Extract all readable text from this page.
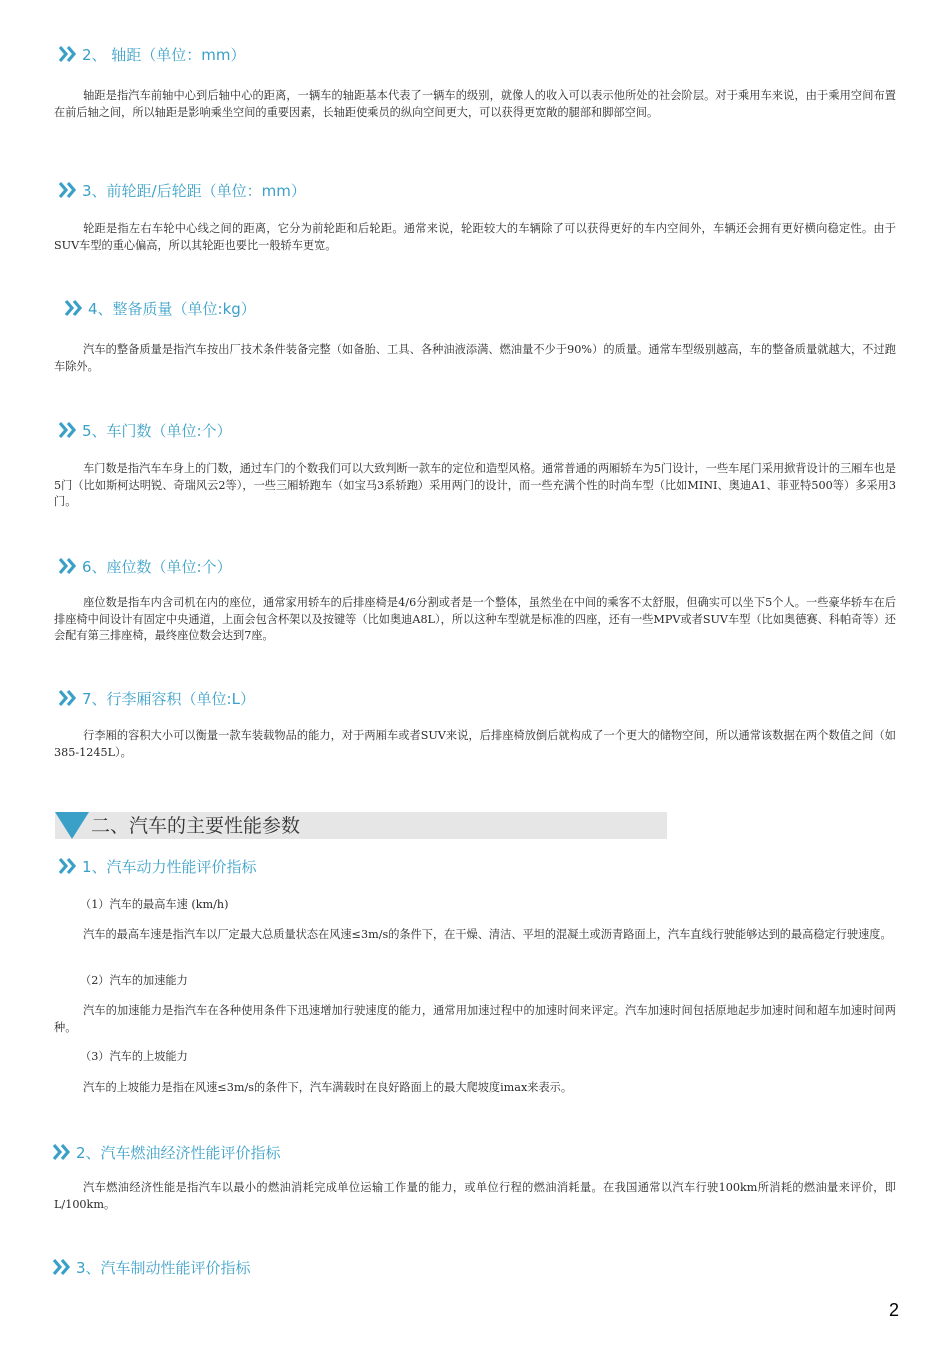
2、 轴距（单位：mm）
轴距是指汽车前轴中心到后轴中心的距离，一辆车的轴距基本代表了一辆车的级别，就像人的收入可以表示他所处的社会阶层。对于乘用车来说，由于乘用空间布置在前后轴之间，所以轴距是影响乘坐空间的重要因素，长轴距使乘员的纵向空间更大，可以获得更宽敞的腿部和脚部空间。
3、前轮距/后轮距（单位：mm）
轮距是指左右车轮中心线之间的距离，它分为前轮距和后轮距。通常来说，轮距较大的车辆除了可以获得更好的车内空间外，车辆还会拥有更好横向稳定性。由于SUV车型的重心偏高，所以其轮距也要比一般轿车更宽。
4、整备质量（单位:kg）
汽车的整备质量是指汽车按出厂技术条件装备完整（如备胎、工具、各种油液添满、燃油量不少于90%）的质量。通常车型级别越高，车的整备质量就越大，不过跑车除外。
5、车门数（单位:个）
车门数是指汽车车身上的门数，通过车门的个数我们可以大致判断一款车的定位和造型风格。通常普通的两厢轿车为5门设计，一些车尾门采用掀背设计的三厢车也是5门（比如斯柯达明锐、奇瑞风云2等），一些三厢轿跑车（如宝马3系轿跑）采用两门的设计，而一些充满个性的时尚车型（比如MINI、奥迪A1、菲亚特500等）多采用3门。
6、座位数（单位:个）
座位数是指车内含司机在内的座位，通常家用轿车的后排座椅是4/6分割或者是一个整体，虽然坐在中间的乘客不太舒服，但确实可以坐下5个人。一些豪华轿车在后排座椅中间设计有固定中央通道，上面会包含杯架以及按键等（比如奥迪A8L），所以这种车型就是标准的四座，还有一些MPV或者SUV车型（比如奥德赛、科帕奇等）还会配有第三排座椅，最终座位数会达到7座。
7、行李厢容积（单位:L）
行李厢的容积大小可以衡量一款车装载物品的能力，对于两厢车或者SUV来说，后排座椅放倒后就构成了一个更大的储物空间，所以通常该数据在两个数值之间（如385-1245L）。
二、汽车的主要性能参数
1、汽车动力性能评价指标
（1）汽车的最高车速 (km/h)
汽车的最高车速是指汽车以厂定最大总质量状态在风速≤3m/s的条件下，在干燥、清洁、平坦的混凝土或沥青路面上，汽车直线行驶能够达到的最高稳定行驶速度。
（2）汽车的加速能力
汽车的加速能力是指汽车在各种使用条件下迅速增加行驶速度的能力，通常用加速过程中的加速时间来评定。汽车加速时间包括原地起步加速时间和超车加速时间两种。
（3）汽车的上坡能力
汽车的上坡能力是指在风速≤3m/s的条件下，汽车满载时在良好路面上的最大爬坡度imax来表示。
2、汽车燃油经济性能评价指标
汽车燃油经济性能是指汽车以最小的燃油消耗完成单位运输工作量的能力，或单位行程的燃油消耗量。在我国通常以汽车行驶100km所消耗的燃油量来评价，即L/100km。
3、汽车制动性能评价指标
2
